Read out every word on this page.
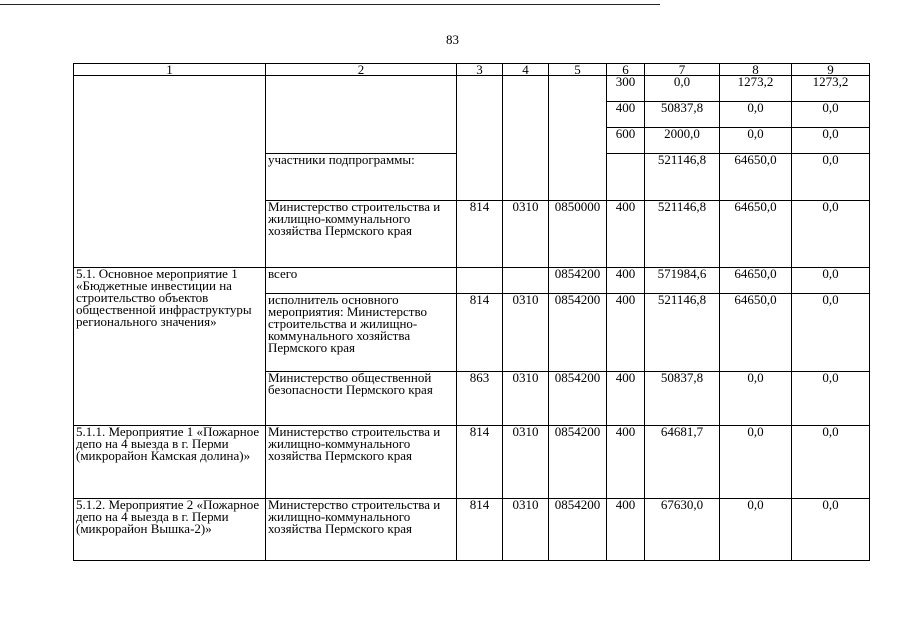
83
1	2	3	4	5	6	7	8	9
					300	0,0	1273,2	1273,2
					400	50837,8	0,0	0,0
					600	2000,0	0,0	0,0
	участники подпрограммы:					521146,8	64650,0	0,0
	Министерство строительства и жилищно-коммунального хозяйства Пермского края	814	0310	0850000	400	521146,8	64650,0	0,0
5.1. Основное мероприятие 1 «Бюджетные инвестиции на строительство объектов общественной инфраструктуры регионального значения»	всего			0854200	400	571984,6	64650,0	0,0
	исполнитель основного мероприятия: Министерство строительства и жилищно-коммунального хозяйства Пермского края	814	0310	0854200	400	521146,8	64650,0	0,0
	Министерство общественной безопасности Пермского края	863	0310	0854200	400	50837,8	0,0	0,0
5.1.1. Мероприятие 1 «Пожарное депо на 4 выезда в г. Перми (микрорайон Камская долина)»	Министерство строительства и жилищно-коммунального хозяйства Пермского края	814	0310	0854200	400	64681,7	0,0	0,0
5.1.2. Мероприятие 2 «Пожарное депо на 4 выезда в г. Перми (микрорайон Вышка-2)»	Министерство строительства и жилищно-коммунального хозяйства Пермского края	814	0310	0854200	400	67630,0	0,0	0,0
